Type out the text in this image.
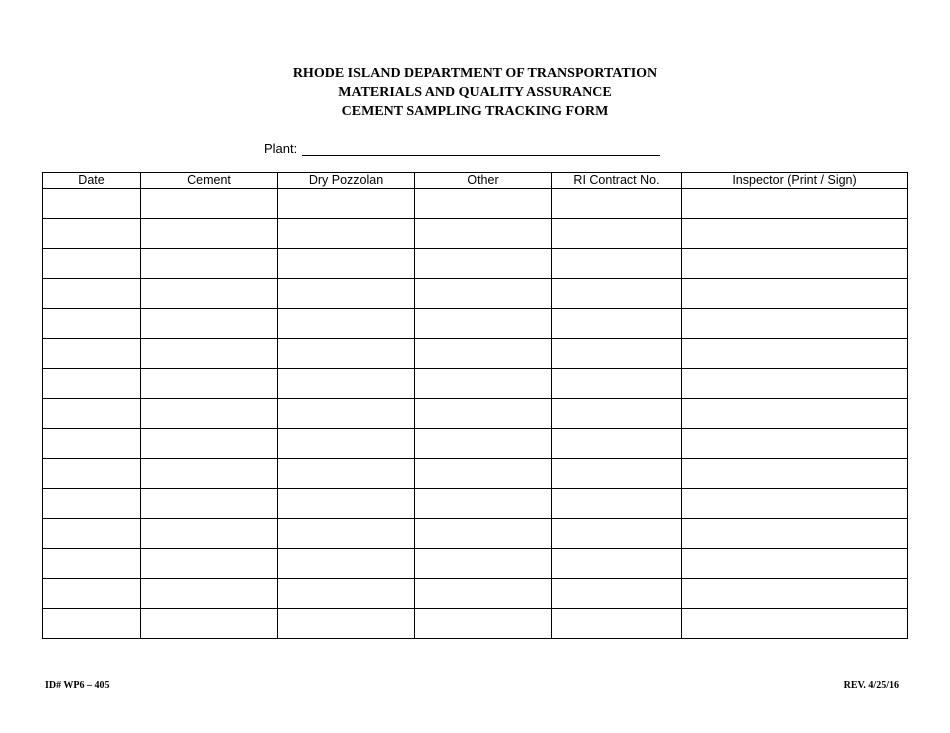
RHODE ISLAND DEPARTMENT OF TRANSPORTATION
MATERIALS AND QUALITY ASSURANCE
CEMENT SAMPLING TRACKING FORM
Plant:
Date	Cement	Dry Pozzolan	Other	RI Contract No.	Inspector (Print / Sign)

ID# WP6 – 405	REV. 4/25/16
